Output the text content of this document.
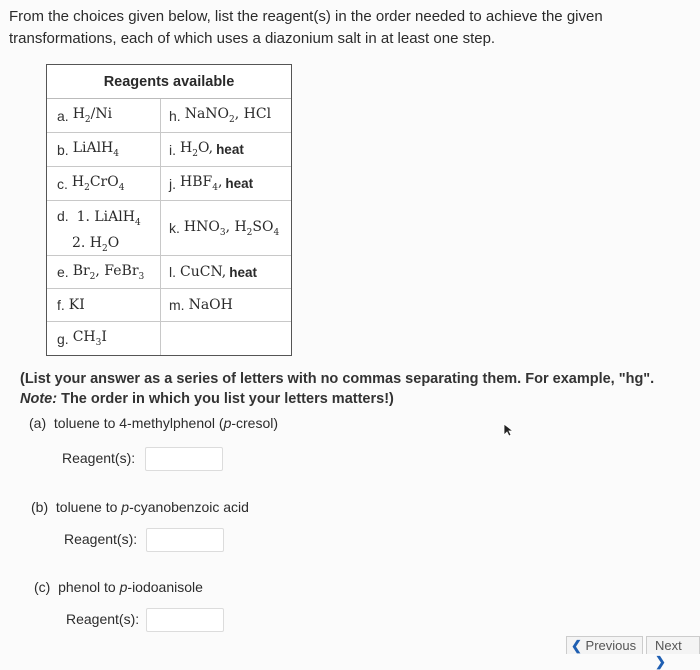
From the choices given below, list the reagent(s) in the order needed to achieve the given transformations, each of which uses a diazonium salt in at least one step.
Reagents available
a. $H_2/Ni$
b. LiAlH$_4$
c. $H_2CrO_4$
d. 1. LiAlH$_4$
2. $H_2O$
e. $Br_2$, FeBr$_3$
f. KI
g. $CH_3I$
h. NaNO$_2$, HCl
i. $H_2O$, heat
j. $HBF_4$, heat
k. $HNO_3$, $H_2SO_4$
l. CuCN, heat
m. NaOH
(List your answer as a series of letters with no commas separating them. For example, "hg". Note: The order in which you list your letters matters!)
(a)  toluene to 4-methylphenol (p-cresol)
Reagent(s):
(b)  toluene to p-cyanobenzoic acid
Reagent(s):
(c)  phenol to p-iodoanisole
Reagent(s):
❮ Previous	Next ❯
